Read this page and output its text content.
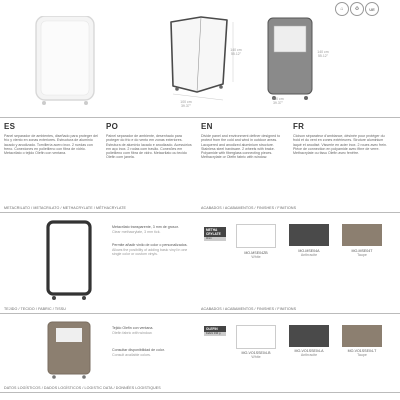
⌂	♻	UE
140 cm
55.12"
100 cm
39.37"
140 cm
55.12"
100 cm
39.37"
ES
Panel separador de ambientes, diseñado para proteger del frío y viento en zonas exteriores. Estructura de aluminio lacado y anodizado. Tornillería acero inox. 2 ruedas con freno. Conexiones en polietileno con fibra de vidrio. Metacrilato o tejido Olefin con ventana.
PO
Painel separador de ambiente, desenhado para proteger do frio e do vento em zonas exteriores. Estrutura de alumínio lacado e anodizado. Acessórios em aço inox. 2 rodas com travão. Conexões em polietileno com fibra de vidro. Metacrilato ou tecido Olefin com janela.
EN
Divide panel and environment definer designed to protect from the cold and wind in outdoor areas. Lacquered and anodized aluminium structure. Stainless steel hardware. 2 wheels with brake. Polyamide with fiberglass connecting pieces. Methacrylate or Olefin fabric with window.
FR
Cloison séparateur d'ambiance, désinée pour protéger du froid et du vent en zones extérieures. Struture aluminium laqué et anodisé. Visserie en acier inox. 2 roues avec frein. Pièce de connection en polyamide avec fibre de verre. Methacrylate ou tissu Olefin avec fenêtre.
METACRILATO / METACRILATO / METHACRYLATE / MÉTHACRYLATE	ACABADOS / ACABAMENTOS / FINISHES / FINITIONS
Metacrilato transparente, 3 mm de grosor.
Clear methacrylate, 3 mm tick.
Permite añadir vinilo de color o personalizados.
Allows the posibility of adding basic vinyl in one single color or custom vinyls.
METHA
CRYLATE
3mm
MO-MSE04ZB
White
MO-MSE04A
Anthracite
MO-MSE04T
Taupe
TEJIDO / TECIDO / FABRIC / TISSU	ACABADOS / ACABAMENTOS / FINISHES / FINITIONS
Tejido Olefin con ventana.
Olefin fabric with window.
Consultar disponibilidad de color.
Consult available colors.
OLEFIN
Fabric 190 g
MO-VO1SSE04-B
White
MO-VO1SSE04-A
Anthracite
MO-VO1SSE04-T
Taupe
DATOS LOGÍSTICOS / DADOS LOGÍSTICOS / LOGISTIC DATA / DONNÉES LOGISTIQUES
